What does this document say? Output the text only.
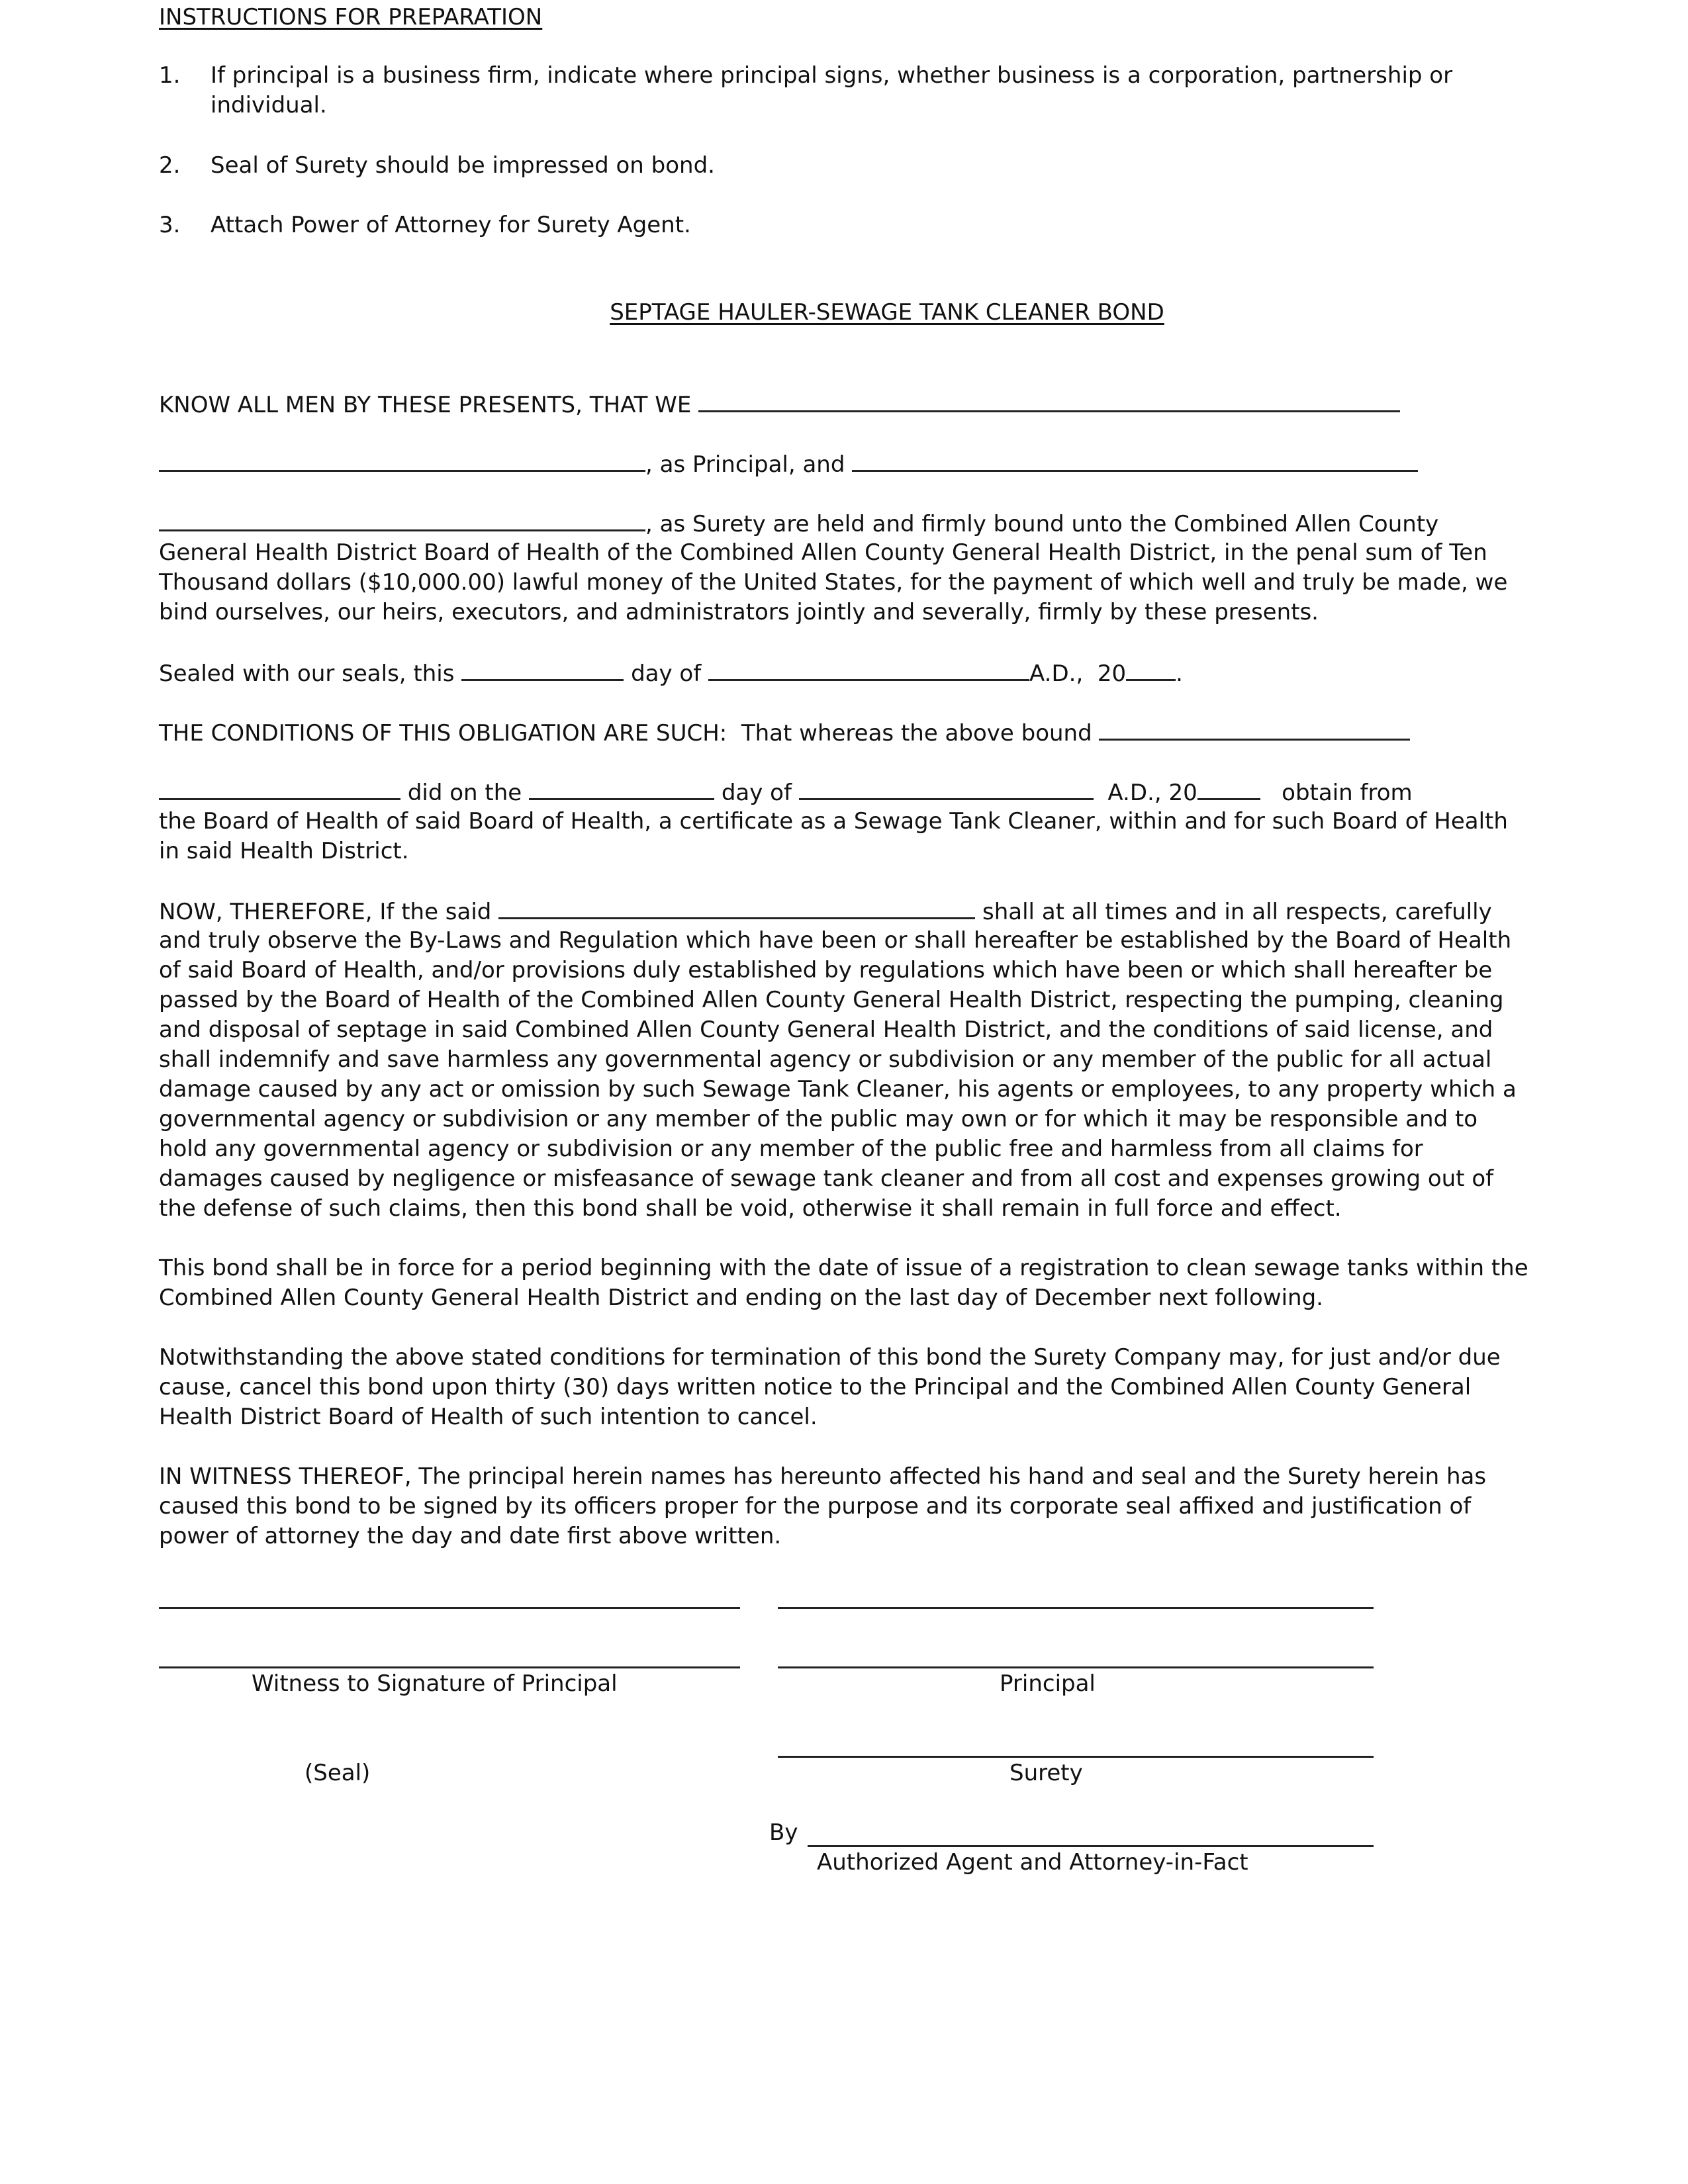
INSTRUCTIONS FOR PREPARATION
1. If principal is a business firm, indicate where principal signs, whether business is a corporation, partnership or individual.
2. Seal of Surety should be impressed on bond.
3. Attach Power of Attorney for Surety Agent.
SEPTAGE HAULER-SEWAGE TANK CLEANER BOND
KNOW ALL MEN BY THESE PRESENTS, THAT WE
, as Principal, and
, as Surety are held and firmly bound unto the Combined Allen County
General Health District Board of Health of the Combined Allen County General Health District, in the penal sum of Ten Thousand dollars ($10,000.00) lawful money of the United States, for the payment of which well and truly be made, we bind ourselves, our heirs, executors, and administrators jointly and severally, firmly by these presents.
Sealed with our seals, this	day of	A.D.,  20 .
THE CONDITIONS OF THIS OBLIGATION ARE SUCH:  That whereas the above bound
did on the	day of	A.D., 20	obtain from
the Board of Health of said Board of Health, a certificate as a Sewage Tank Cleaner, within and for such Board of Health in said Health District.
NOW, THEREFORE, If the said	shall at all times and in all respects, carefully
and truly observe the By-Laws and Regulation which have been or shall hereafter be established by the Board of Health of said Board of Health, and/or provisions duly established by regulations which have been or which shall hereafter be passed by the Board of Health of the Combined Allen County General Health District, respecting the pumping, cleaning and disposal of septage in said Combined Allen County General Health District, and the conditions of said license, and shall indemnify and save harmless any governmental agency or subdivision or any member of the public for all actual damage caused by any act or omission by such Sewage Tank Cleaner, his agents or employees, to any property which a governmental agency or subdivision or any member of the public may own or for which it may be responsible and to hold any governmental agency or subdivision or any member of the public free and harmless from all claims for damages caused by negligence or misfeasance of sewage tank cleaner and from all cost and expenses growing out of the defense of such claims, then this bond shall be void, otherwise it shall remain in full force and effect.
This bond shall be in force for a period beginning with the date of issue of a registration to clean sewage tanks within the Combined Allen County General Health District and ending on the last day of December next following.
Notwithstanding the above stated conditions for termination of this bond the Surety Company may, for just and/or due cause, cancel this bond upon thirty (30) days written notice to the Principal and the Combined Allen County General Health District Board of Health of such intention to cancel.
IN WITNESS THEREOF, The principal herein names has hereunto affected his hand and seal and the Surety herein has caused this bond to be signed by its officers proper for the purpose and its corporate seal affixed and justification of power of attorney the day and date first above written.
Witness to Signature of Principal	Principal
(Seal)	Surety
By
Authorized Agent and Attorney-in-Fact
